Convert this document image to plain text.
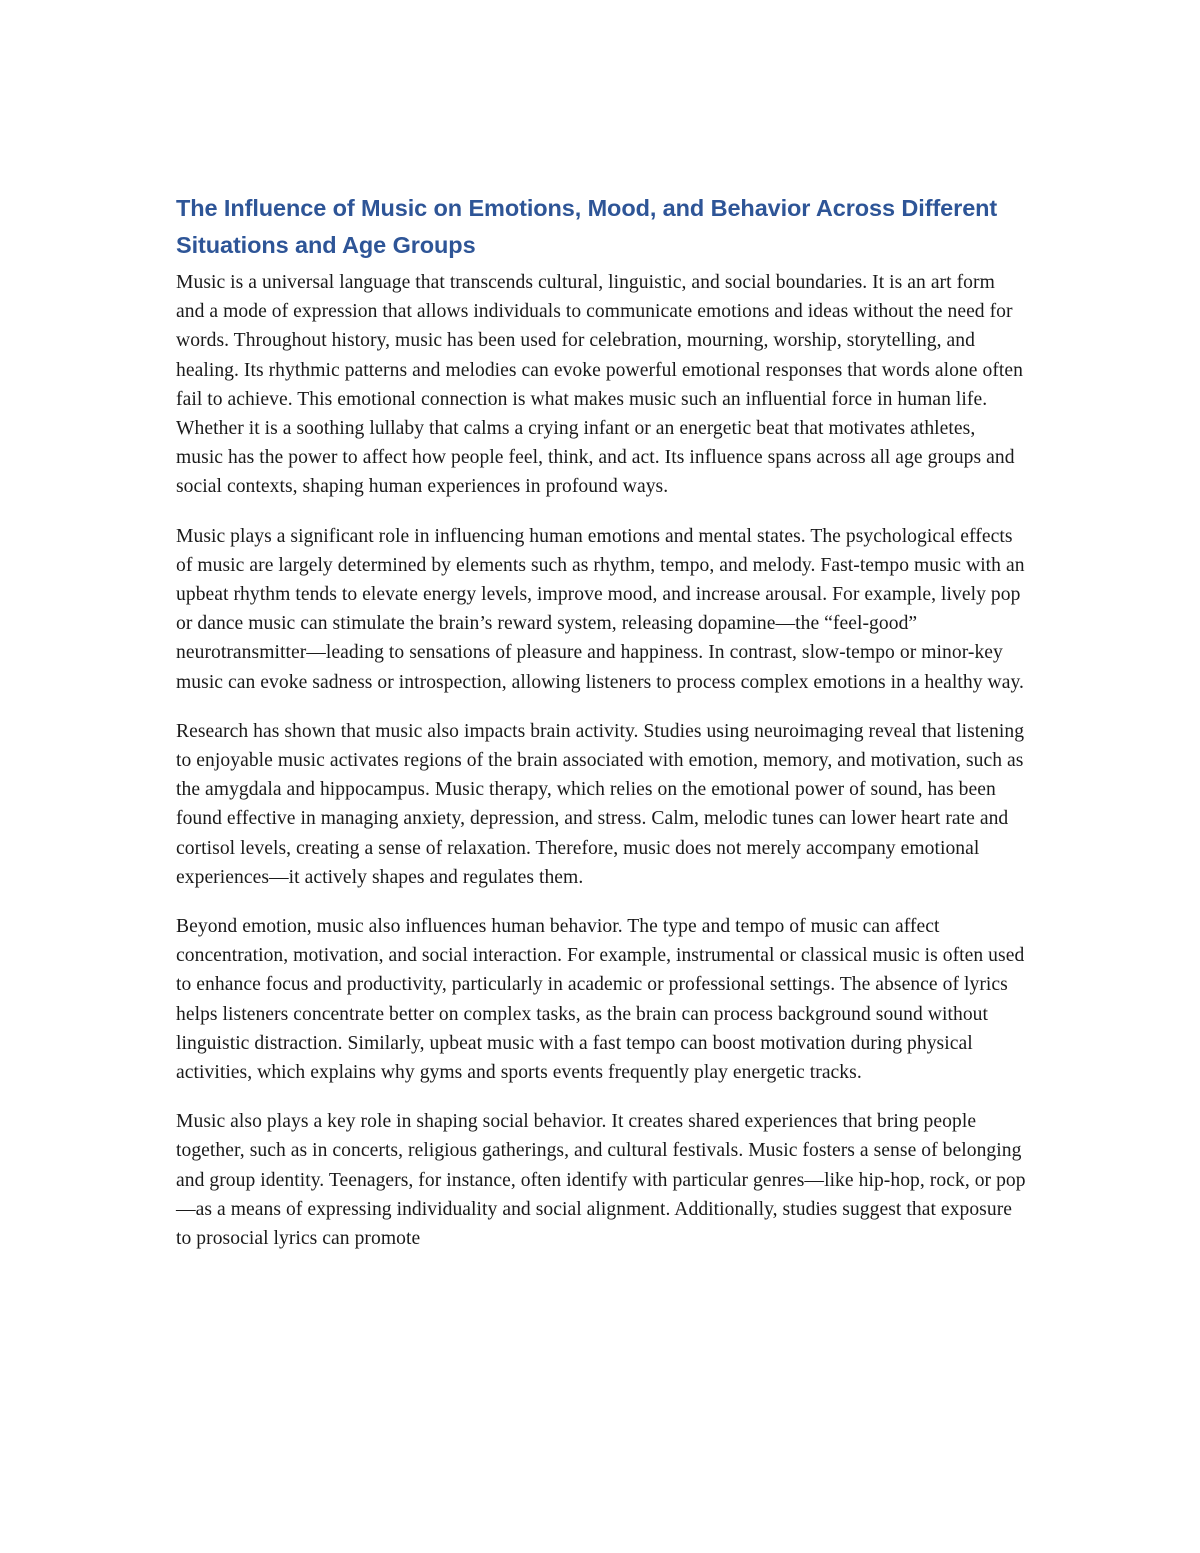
The Influence of Music on Emotions, Mood, and Behavior Across Different Situations and Age Groups

Music is a universal language that transcends cultural, linguistic, and social boundaries. It is an art form and a mode of expression that allows individuals to communicate emotions and ideas without the need for words. Throughout history, music has been used for celebration, mourning, worship, storytelling, and healing. Its rhythmic patterns and melodies can evoke powerful emotional responses that words alone often fail to achieve. This emotional connection is what makes music such an influential force in human life. Whether it is a soothing lullaby that calms a crying infant or an energetic beat that motivates athletes, music has the power to affect how people feel, think, and act. Its influence spans across all age groups and social contexts, shaping human experiences in profound ways.

Music plays a significant role in influencing human emotions and mental states. The psychological effects of music are largely determined by elements such as rhythm, tempo, and melody. Fast-tempo music with an upbeat rhythm tends to elevate energy levels, improve mood, and increase arousal. For example, lively pop or dance music can stimulate the brain’s reward system, releasing dopamine—the “feel-good” neurotransmitter—leading to sensations of pleasure and happiness. In contrast, slow-tempo or minor-key music can evoke sadness or introspection, allowing listeners to process complex emotions in a healthy way.

Research has shown that music also impacts brain activity. Studies using neuroimaging reveal that listening to enjoyable music activates regions of the brain associated with emotion, memory, and motivation, such as the amygdala and hippocampus. Music therapy, which relies on the emotional power of sound, has been found effective in managing anxiety, depression, and stress. Calm, melodic tunes can lower heart rate and cortisol levels, creating a sense of relaxation. Therefore, music does not merely accompany emotional experiences—it actively shapes and regulates them.

Beyond emotion, music also influences human behavior. The type and tempo of music can affect concentration, motivation, and social interaction. For example, instrumental or classical music is often used to enhance focus and productivity, particularly in academic or professional settings. The absence of lyrics helps listeners concentrate better on complex tasks, as the brain can process background sound without linguistic distraction. Similarly, upbeat music with a fast tempo can boost motivation during physical activities, which explains why gyms and sports events frequently play energetic tracks.

Music also plays a key role in shaping social behavior. It creates shared experiences that bring people together, such as in concerts, religious gatherings, and cultural festivals. Music fosters a sense of belonging and group identity. Teenagers, for instance, often identify with particular genres—like hip-hop, rock, or pop—as a means of expressing individuality and social alignment. Additionally, studies suggest that exposure to prosocial lyrics can promote
